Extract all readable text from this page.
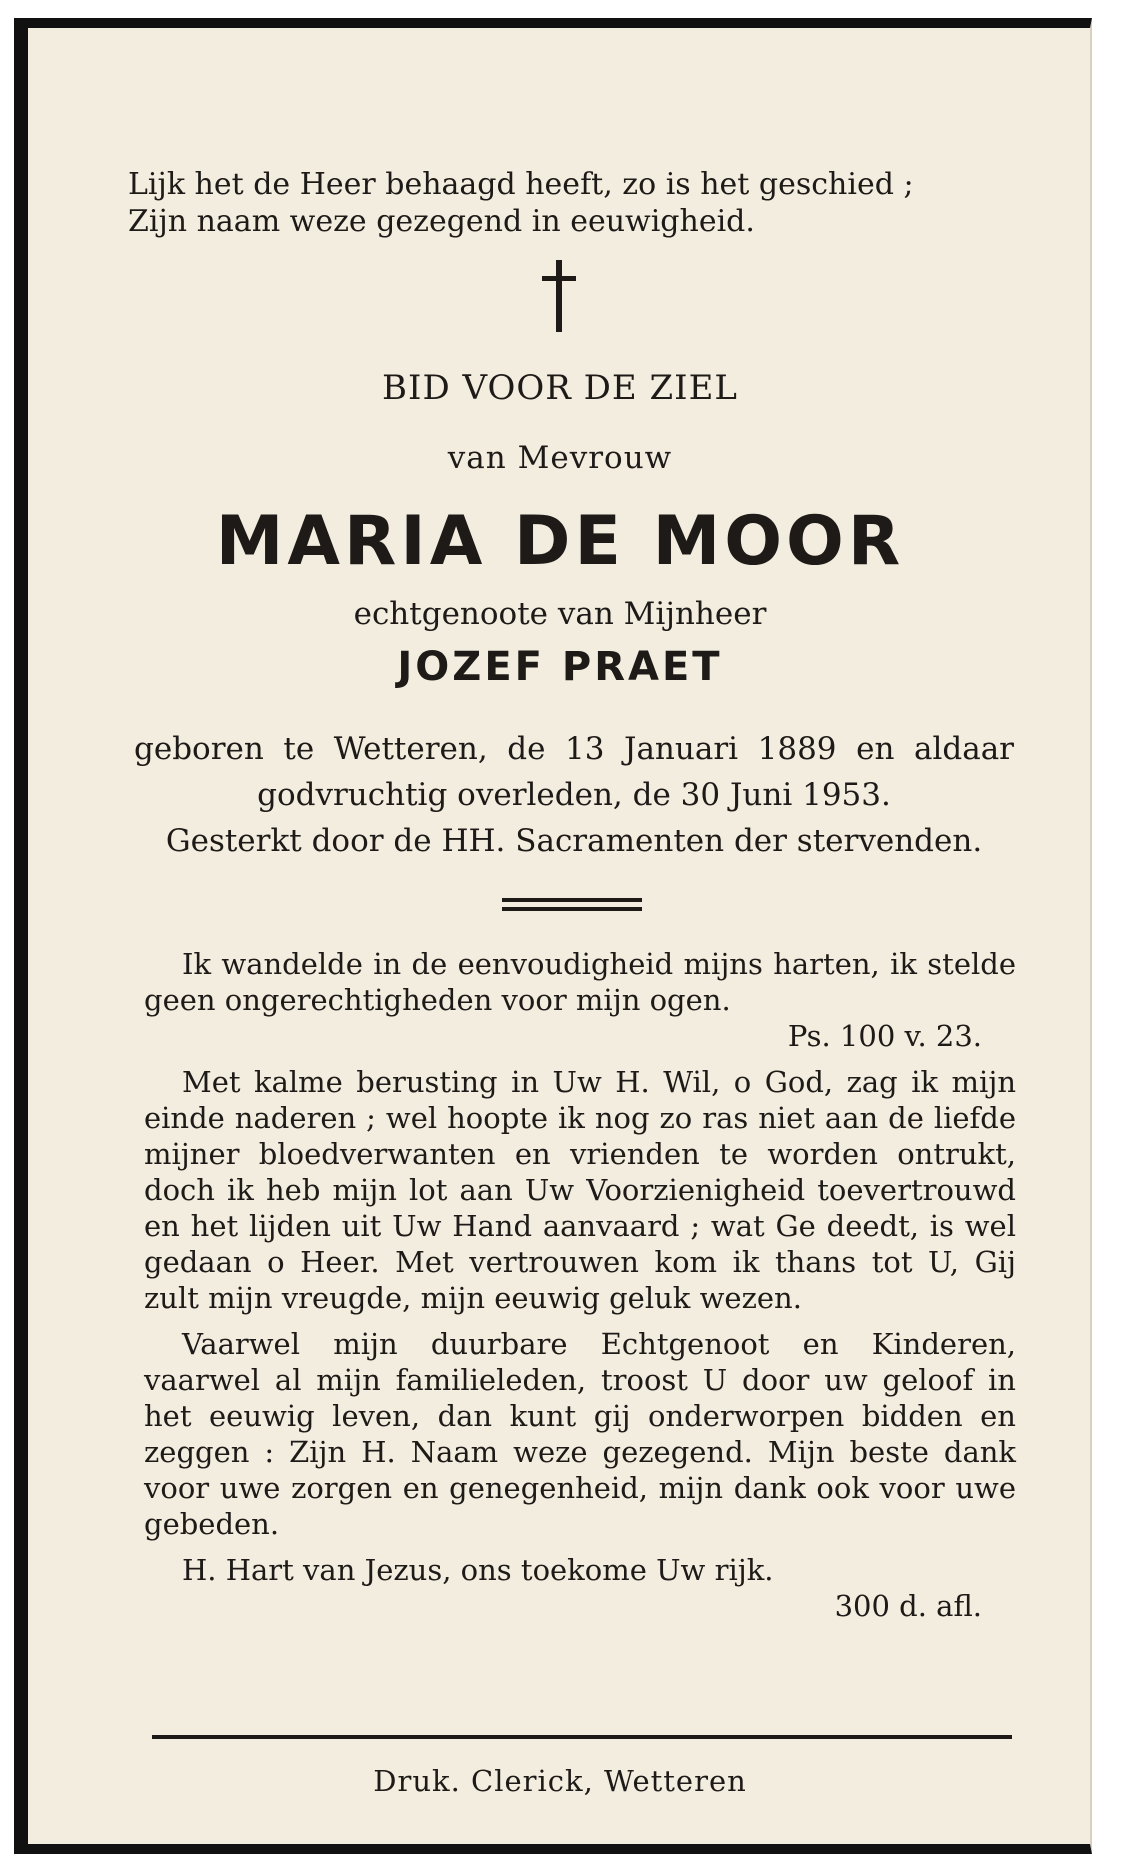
Lijk het de Heer behaagd heeft, zo is het geschied ;
Zijn naam weze gezegend in eeuwigheid.
BID VOOR DE ZIEL
van Mevrouw
MARIA DE MOOR
echtgenoote van Mijnheer
JOZEF PRAET
geboren te Wetteren, de 13 Januari 1889 en aldaar
godvruchtig overleden, de 30 Juni 1953.
Gesterkt door de HH. Sacramenten der stervenden.

Ik wandelde in de eenvoudigheid mijns harten, ik stelde geen ongerechtigheden voor mijn ogen.

Ps. 100 v. 23.

Met kalme berusting in Uw H. Wil, o God, zag ik mijn einde naderen ; wel hoopte ik nog zo ras niet aan de liefde mijner bloedverwanten en vrienden te worden ontrukt, doch ik heb mijn lot aan Uw Voorzienigheid toevertrouwd en het lijden uit Uw Hand aanvaard ; wat Ge deedt, is wel gedaan o Heer. Met vertrouwen kom ik thans tot U, Gij zult mijn vreugde, mijn eeuwig geluk wezen.

Vaarwel mijn duurbare Echtgenoot en Kinderen, vaarwel al mijn familieleden, troost U door uw geloof in het eeuwig leven, dan kunt gij onderworpen bidden en zeggen : Zijn H. Naam weze gezegend. Mijn beste dank voor uwe zorgen en genegenheid, mijn dank ook voor uwe gebeden.

H. Hart van Jezus, ons toekome Uw rijk.

300 d. afl.
Druk. Clerick, Wetteren
